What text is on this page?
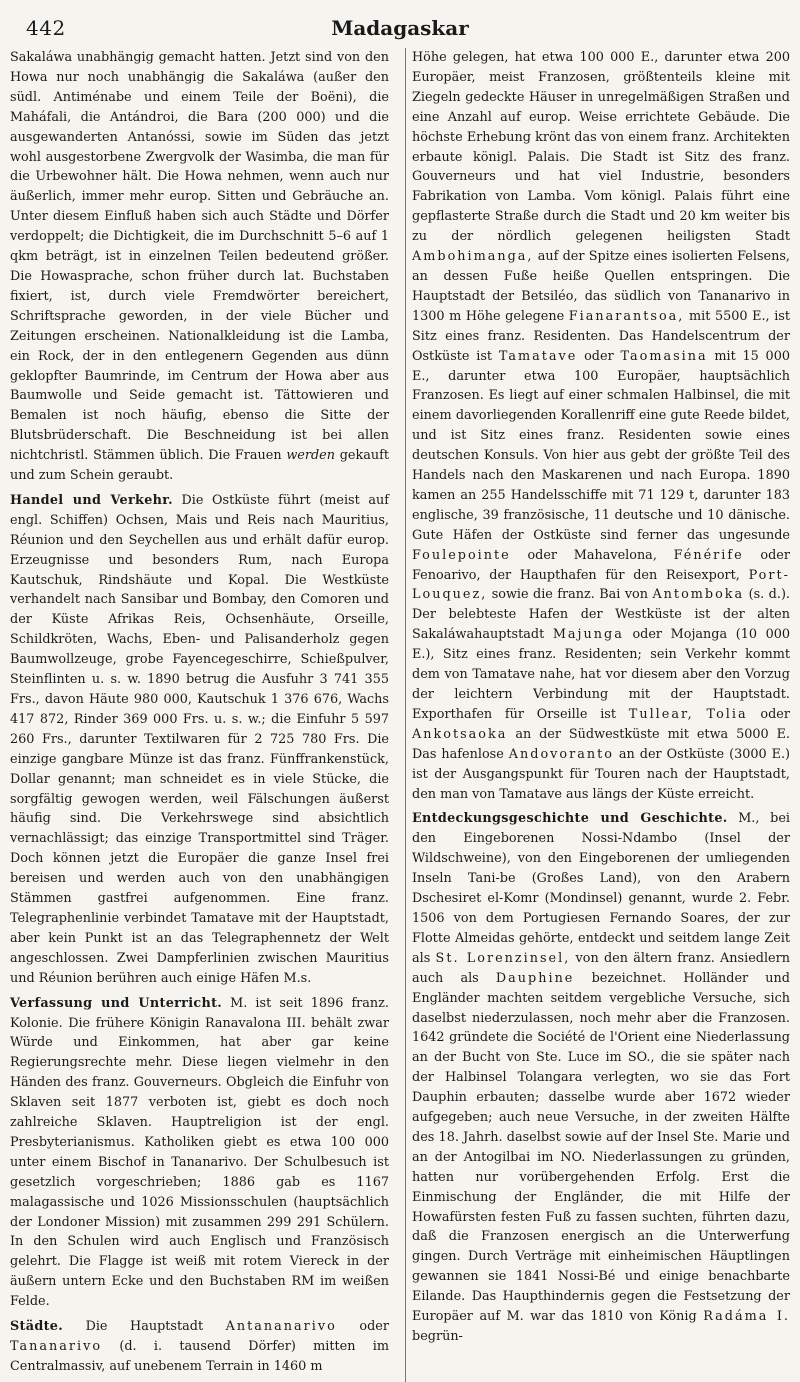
442	Madagaskar

Sakaláwa unabhängig gemacht hatten. Jetzt sind von den Howa nur noch unabhängig die Sakaláwa (außer den südl. Antiménabe und einem Teile der Boëni), die Maháfali, die Antándroi, die Bara (200 000) und die ausgewanderten Antanóssi, sowie im Süden das jetzt wohl ausgestorbene Zwergvolk der Wasimba, die man für die Urbewohner hält. Die Howa nehmen, wenn auch nur äußerlich, immer mehr europ. Sitten und Gebräuche an. Unter diesem Einfluß haben sich auch Städte und Dörfer verdoppelt; die Dichtigkeit, die im Durchschnitt 5–6 auf 1 qkm beträgt, ist in einzelnen Teilen bedeutend größer. Die Howasprache, schon früher durch lat. Buchstaben fixiert, ist, durch viele Fremdwörter bereichert, Schriftsprache geworden, in der viele Bücher und Zeitungen erscheinen. Nationalkleidung ist die Lamba, ein Rock, der in den entlegenern Gegenden aus dünn geklopfter Baumrinde, im Centrum der Howa aber aus Baumwolle und Seide gemacht ist. Tättowieren und Bemalen ist noch häufig, ebenso die Sitte der Blutsbrüderschaft. Die Beschneidung ist bei allen nichtchristl. Stämmen üblich. Die Frauen werden gekauft und zum Schein geraubt.

Handel und Verkehr. Die Ostküste führt (meist auf engl. Schiffen) Ochsen, Mais und Reis nach Mauritius, Réunion und den Seychellen aus und erhält dafür europ. Erzeugnisse und besonders Rum, nach Europa Kautschuk, Rindshäute und Kopal. Die Westküste verhandelt nach Sansibar und Bombay, den Comoren und der Küste Afrikas Reis, Ochsenhäute, Orseille, Schildkröten, Wachs, Eben- und Palisanderholz gegen Baumwollzeuge, grobe Fayencegeschirre, Schießpulver, Steinflinten u. s. w. 1890 betrug die Ausfuhr 3 741 355 Frs., davon Häute 980 000, Kautschuk 1 376 676, Wachs 417 872, Rinder 369 000 Frs. u. s. w.; die Einfuhr 5 597 260 Frs., darunter Textilwaren für 2 725 780 Frs. Die einzige gangbare Münze ist das franz. Fünffrankenstück, Dollar genannt; man schneidet es in viele Stücke, die sorgfältig gewogen werden, weil Fälschungen äußerst häufig sind. Die Verkehrswege sind absichtlich vernachlässigt; das einzige Transportmittel sind Träger. Doch können jetzt die Europäer die ganze Insel frei bereisen und werden auch von den unabhängigen Stämmen gastfrei aufgenommen. Eine franz. Telegraphenlinie verbindet Tamatave mit der Hauptstadt, aber kein Punkt ist an das Telegraphennetz der Welt angeschlossen. Zwei Dampferlinien zwischen Mauritius und Réunion berühren auch einige Häfen M.s.

Verfassung und Unterricht. M. ist seit 1896 franz. Kolonie. Die frühere Königin Ranavalona III. behält zwar Würde und Einkommen, hat aber gar keine Regierungsrechte mehr. Diese liegen vielmehr in den Händen des franz. Gouverneurs. Obgleich die Einfuhr von Sklaven seit 1877 verboten ist, giebt es doch noch zahlreiche Sklaven. Hauptreligion ist der engl. Presbyterianismus. Katholiken giebt es etwa 100 000 unter einem Bischof in Tananarivo. Der Schulbesuch ist gesetzlich vorgeschrieben; 1886 gab es 1167 malagassische und 1026 Missionsschulen (hauptsächlich der Londoner Mission) mit zusammen 299 291 Schülern. In den Schulen wird auch Englisch und Französisch gelehrt. Die Flagge ist weiß mit rotem Viereck in der äußern untern Ecke und den Buchstaben RM im weißen Felde.

Städte. Die Hauptstadt Antananarivo oder Tananarivo (d. i. tausend Dörfer) mitten im Centralmassiv, auf unebenem Terrain in 1460 m

Höhe gelegen, hat etwa 100 000 E., darunter etwa 200 Europäer, meist Franzosen, größtenteils kleine mit Ziegeln gedeckte Häuser in unregelmäßigen Straßen und eine Anzahl auf europ. Weise errichtete Gebäude. Die höchste Erhebung krönt das von einem franz. Architekten erbaute königl. Palais. Die Stadt ist Sitz des franz. Gouverneurs und hat viel Industrie, besonders Fabrikation von Lamba. Vom königl. Palais führt eine gepflasterte Straße durch die Stadt und 20 km weiter bis zu der nördlich gelegenen heiligsten Stadt Ambohimanga, auf der Spitze eines isolierten Felsens, an dessen Fuße heiße Quellen entspringen. Die Hauptstadt der Betsiléo, das südlich von Tananarivo in 1300 m Höhe gelegene Fianarantsoa, mit 5500 E., ist Sitz eines franz. Residenten. Das Handelscentrum der Ostküste ist Tamatave oder Taomasina mit 15 000 E., darunter etwa 100 Europäer, hauptsächlich Franzosen. Es liegt auf einer schmalen Halbinsel, die mit einem davorliegenden Korallenriff eine gute Reede bildet, und ist Sitz eines franz. Residenten sowie eines deutschen Konsuls. Von hier aus gebt der größte Teil des Handels nach den Maskarenen und nach Europa. 1890 kamen an 255 Handelsschiffe mit 71 129 t, darunter 183 englische, 39 französische, 11 deutsche und 10 dänische. Gute Häfen der Ostküste sind ferner das ungesunde Foulepointe oder Mahavelona, Fénérife oder Fenoarivo, der Haupthafen für den Reisexport, Port-Louquez, sowie die franz. Bai von Antomboka (s. d.). Der belebteste Hafen der Westküste ist der alten Sakaláwahauptstadt Majunga oder Mojanga (10 000 E.), Sitz eines franz. Residenten; sein Verkehr kommt dem von Tamatave nahe, hat vor diesem aber den Vorzug der leichtern Verbindung mit der Hauptstadt. Exporthafen für Orseille ist Tullear, Tolia oder Ankotsaoka an der Südwestküste mit etwa 5000 E. Das hafenlose Andovoranto an der Ostküste (3000 E.) ist der Ausgangspunkt für Touren nach der Hauptstadt, den man von Tamatave aus längs der Küste erreicht.

Entdeckungsgeschichte und Geschichte. M., bei den Eingeborenen Nossi-Ndambo (Insel der Wildschweine), von den Eingeborenen der umliegenden Inseln Tani-be (Großes Land), von den Arabern Dschesiret el-Komr (Mondinsel) genannt, wurde 2. Febr. 1506 von dem Portugiesen Fernando Soares, der zur Flotte Almeidas gehörte, entdeckt und seitdem lange Zeit als St. Lorenzinsel, von den ältern franz. Ansiedlern auch als Dauphine bezeichnet. Holländer und Engländer machten seitdem vergebliche Versuche, sich daselbst niederzulassen, noch mehr aber die Franzosen. 1642 gründete die Société de l'Orient eine Niederlassung an der Bucht von Ste. Luce im SO., die sie später nach der Halbinsel Tolangara verlegten, wo sie das Fort Dauphin erbauten; dasselbe wurde aber 1672 wieder aufgegeben; auch neue Versuche, in der zweiten Hälfte des 18. Jahrh. daselbst sowie auf der Insel Ste. Marie und an der Antogilbai im NO. Niederlassungen zu gründen, hatten nur vorübergehenden Erfolg. Erst die Einmischung der Engländer, die mit Hilfe der Howafürsten festen Fuß zu fassen suchten, führten dazu, daß die Franzosen energisch an die Unterwerfung gingen. Durch Verträge mit einheimischen Häuptlingen gewannen sie 1841 Nossi-Bé und einige benachbarte Eilande. Das Haupthindernis gegen die Festsetzung der Europäer auf M. war das 1810 von König Radáma I. begrün-
